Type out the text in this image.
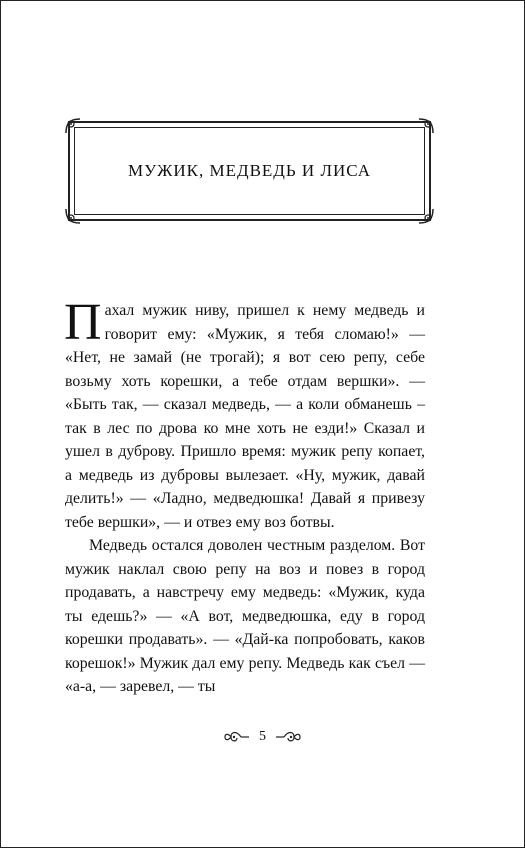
МУЖИК, МЕДВЕДЬ И ЛИСА

Пахал мужик ниву, пришел к нему медведь и говорит ему: «Мужик, я тебя сломаю!» — «Нет, не замай (не трогай); я вот сею репу, себе возьму хоть корешки, а тебе отдам вершки». — «Быть так, — сказал медведь, — а коли обманешь – так в лес по дрова ко мне хоть не езди!» Сказал и ушел в дуброву. Пришло время: мужик репу копает, а медведь из дубровы вылезает. «Ну, мужик, давай делить!» — «Ладно, медведюшка! Давай я привезу тебе вершки», — и отвез ему воз ботвы.

Медведь остался доволен честным разделом. Вот мужик наклал свою репу на воз и повез в город продавать, а навстречу ему медведь: «Мужик, куда ты едешь?» — «А вот, медведюшка, еду в город корешки продавать». — «Дай-ка попробовать, каков корешок!» Мужик дал ему репу. Медведь как съел — «а-а, — заревел, — ты

5
